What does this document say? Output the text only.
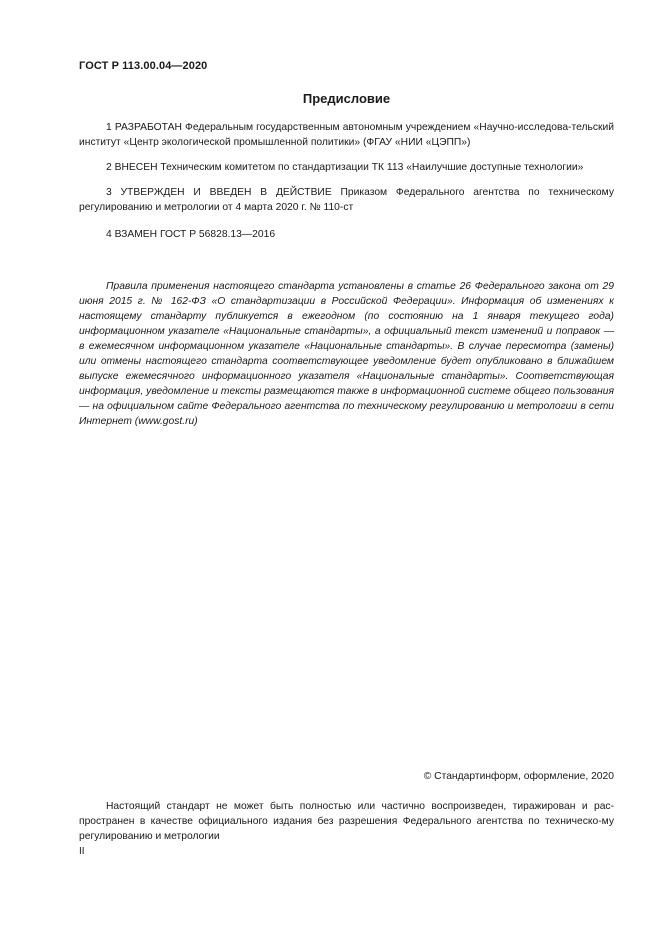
ГОСТ Р 113.00.04—2020
Предисловие

1 РАЗРАБОТАН Федеральным государственным автономным учреждением «Научно-исследова-тельский институт «Центр экологической промышленной политики» (ФГАУ «НИИ «ЦЭПП»)

2 ВНЕСЕН Техническим комитетом по стандартизации ТК 113 «Наилучшие доступные технологии»

3 УТВЕРЖДЕН И ВВЕДЕН В ДЕЙСТВИЕ Приказом Федерального агентства по техническому регулированию и метрологии от 4 марта 2020 г. № 110-ст

4 ВЗАМЕН ГОСТ Р 56828.13—2016

Правила применения настоящего стандарта установлены в статье 26 Федерального закона от 29 июня 2015 г. № 162-ФЗ «О стандартизации в Российской Федерации». Информация об изменениях к настоящему стандарту публикуется в ежегодном (по состоянию на 1 января текущего года) информационном указателе «Национальные стандарты», а официальный текст изменений и поправок — в ежемесячном информационном указателе «Национальные стандарты». В случае пересмотра (замены) или отмены настоящего стандарта соответствующее уведомление будет опубликовано в ближайшем выпуске ежемесячного информационного указателя «Национальные стандарты». Соответствующая информация, уведомление и тексты размещаются также в информационной системе общего пользования — на официальном сайте Федерального агентства по техническому регулированию и метрологии в сети Интернет (www.gost.ru)

© Стандартинформ, оформление, 2020

Настоящий стандарт не может быть полностью или частично воспроизведен, тиражирован и рас-пространен в качестве официального издания без разрешения Федерального агентства по техническо-му регулированию и метрологии

II
